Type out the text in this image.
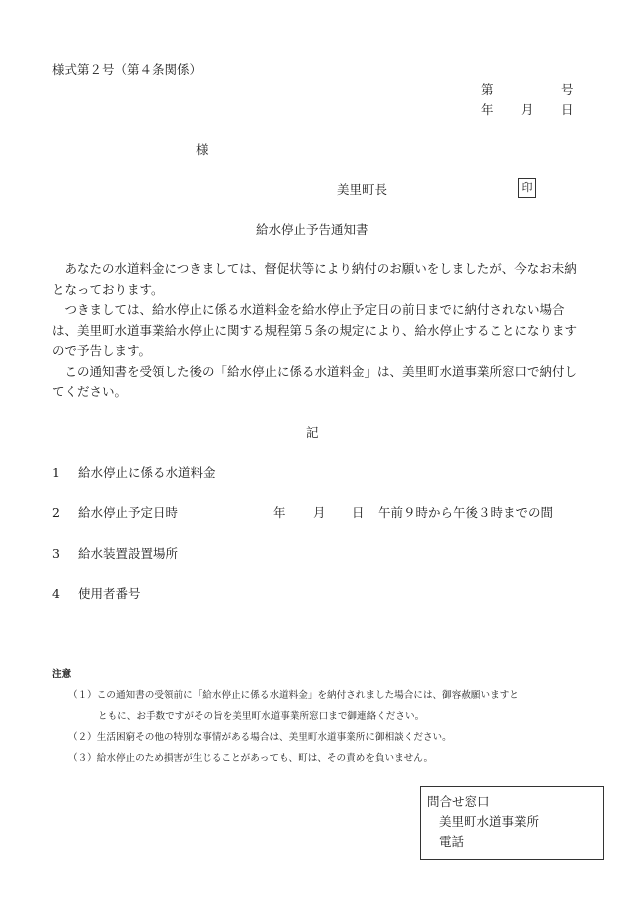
様式第２号（第４条関係）
第	号
年 月 日
様
美里町長	印
給水停止予告通知書

あなたの水道料金につきましては、督促状等により納付のお願いをしましたが、今なお未納となっております。

つきましては、給水停止に係る水道料金を給水停止予定日の前日までに納付されない場合は、美里町水道事業給水停止に関する規程第５条の規定により、給水停止することになりますので予告します。

この通知書を受領した後の「給水停止に係る水道料金」は、美里町水道事業所窓口で納付してください。

記
1 給水停止に係る水道料金
2 給水停止予定日時	年 月 日 午前９時から午後３時までの間
3 給水装置設置場所
4 使用者番号
注意
（１）この通知書の受領前に「給水停止に係る水道料金」を納付されました場合には、御容赦願いますと
ともに、お手数ですがその旨を美里町水道事業所窓口まで御連絡ください。
（２）生活困窮その他の特別な事情がある場合は、美里町水道事業所に御相談ください。
（３）給水停止のため損害が生じることがあっても、町は、その責めを負いません。
問合せ窓口
美里町水道事業所
電話
